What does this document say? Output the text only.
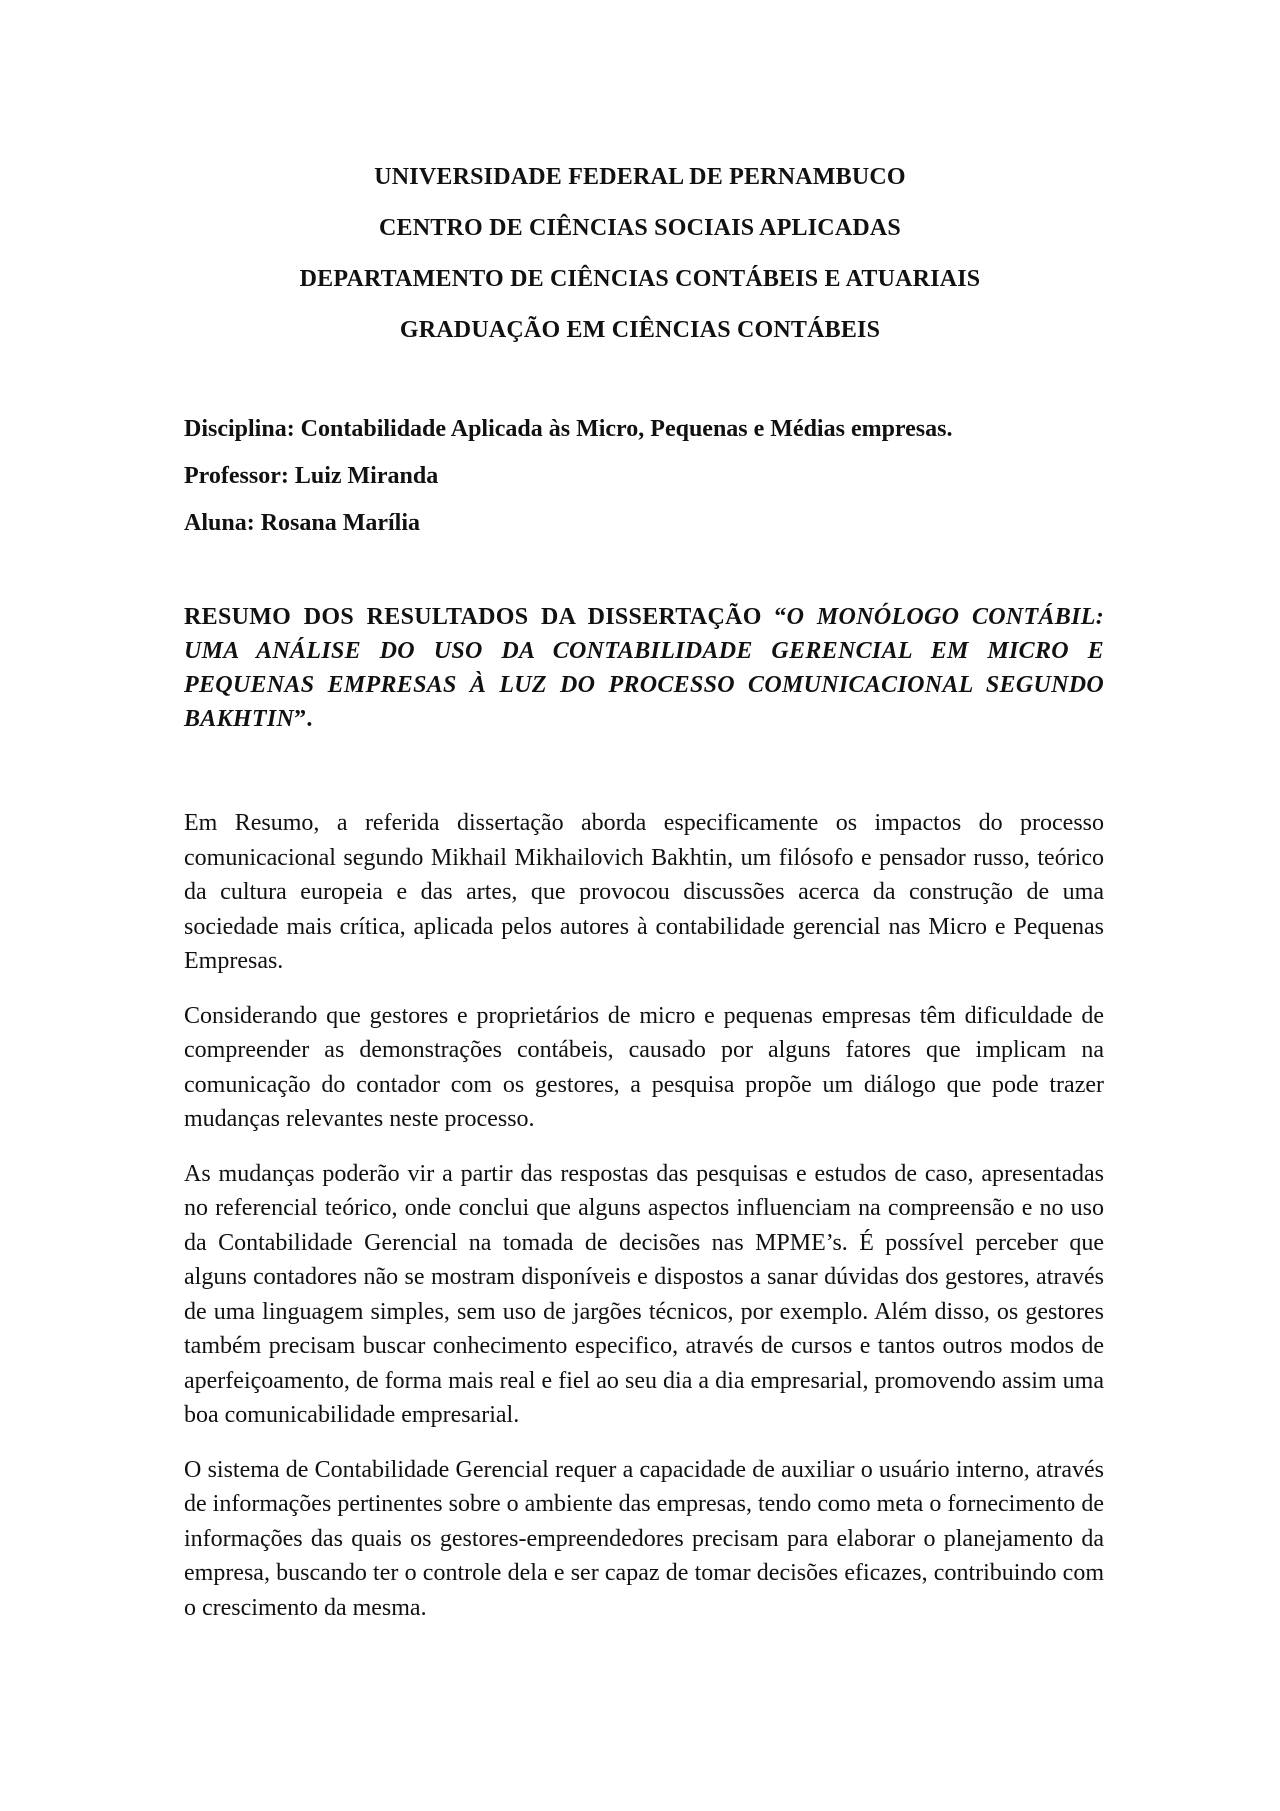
UNIVERSIDADE FEDERAL DE PERNAMBUCO
CENTRO DE CIÊNCIAS SOCIAIS APLICADAS
DEPARTAMENTO DE CIÊNCIAS CONTÁBEIS E ATUARIAIS
GRADUAÇÃO EM CIÊNCIAS CONTÁBEIS
Disciplina: Contabilidade Aplicada às Micro, Pequenas e Médias empresas.
Professor: Luiz Miranda
Aluna: Rosana Marília
RESUMO DOS RESULTADOS DA DISSERTAÇÃO “O MONÓLOGO CONTÁBIL: UMA ANÁLISE DO USO DA CONTABILIDADE GERENCIAL EM MICRO E PEQUENAS EMPRESAS À LUZ DO PROCESSO COMUNICACIONAL SEGUNDO BAKHTIN”.

Em Resumo, a referida dissertação aborda especificamente os impactos do processo comunicacional segundo Mikhail Mikhailovich Bakhtin, um filósofo e pensador russo, teórico da cultura europeia e das artes, que provocou discussões acerca da construção de uma sociedade mais crítica, aplicada pelos autores à contabilidade gerencial nas Micro e Pequenas Empresas.

Considerando que gestores e proprietários de micro e pequenas empresas têm dificuldade de compreender as demonstrações contábeis, causado por alguns fatores que implicam na comunicação do contador com os gestores, a pesquisa propõe um diálogo que pode trazer mudanças relevantes neste processo.

As mudanças poderão vir a partir das respostas das pesquisas e estudos de caso, apresentadas no referencial teórico, onde conclui que alguns aspectos influenciam na compreensão e no uso da Contabilidade Gerencial na tomada de decisões nas MPME’s. É possível perceber que alguns contadores não se mostram disponíveis e dispostos a sanar dúvidas dos gestores, através de uma linguagem simples, sem uso de jargões técnicos, por exemplo. Além disso, os gestores também precisam buscar conhecimento especifico, através de cursos e tantos outros modos de aperfeiçoamento, de forma mais real e fiel ao seu dia a dia empresarial, promovendo assim uma boa comunicabilidade empresarial.

O sistema de Contabilidade Gerencial requer a capacidade de auxiliar o usuário interno, através de informações pertinentes sobre o ambiente das empresas, tendo como meta o fornecimento de informações das quais os gestores-empreendedores precisam para elaborar o planejamento da empresa, buscando ter o controle dela e ser capaz de tomar decisões eficazes, contribuindo com o crescimento da mesma.
